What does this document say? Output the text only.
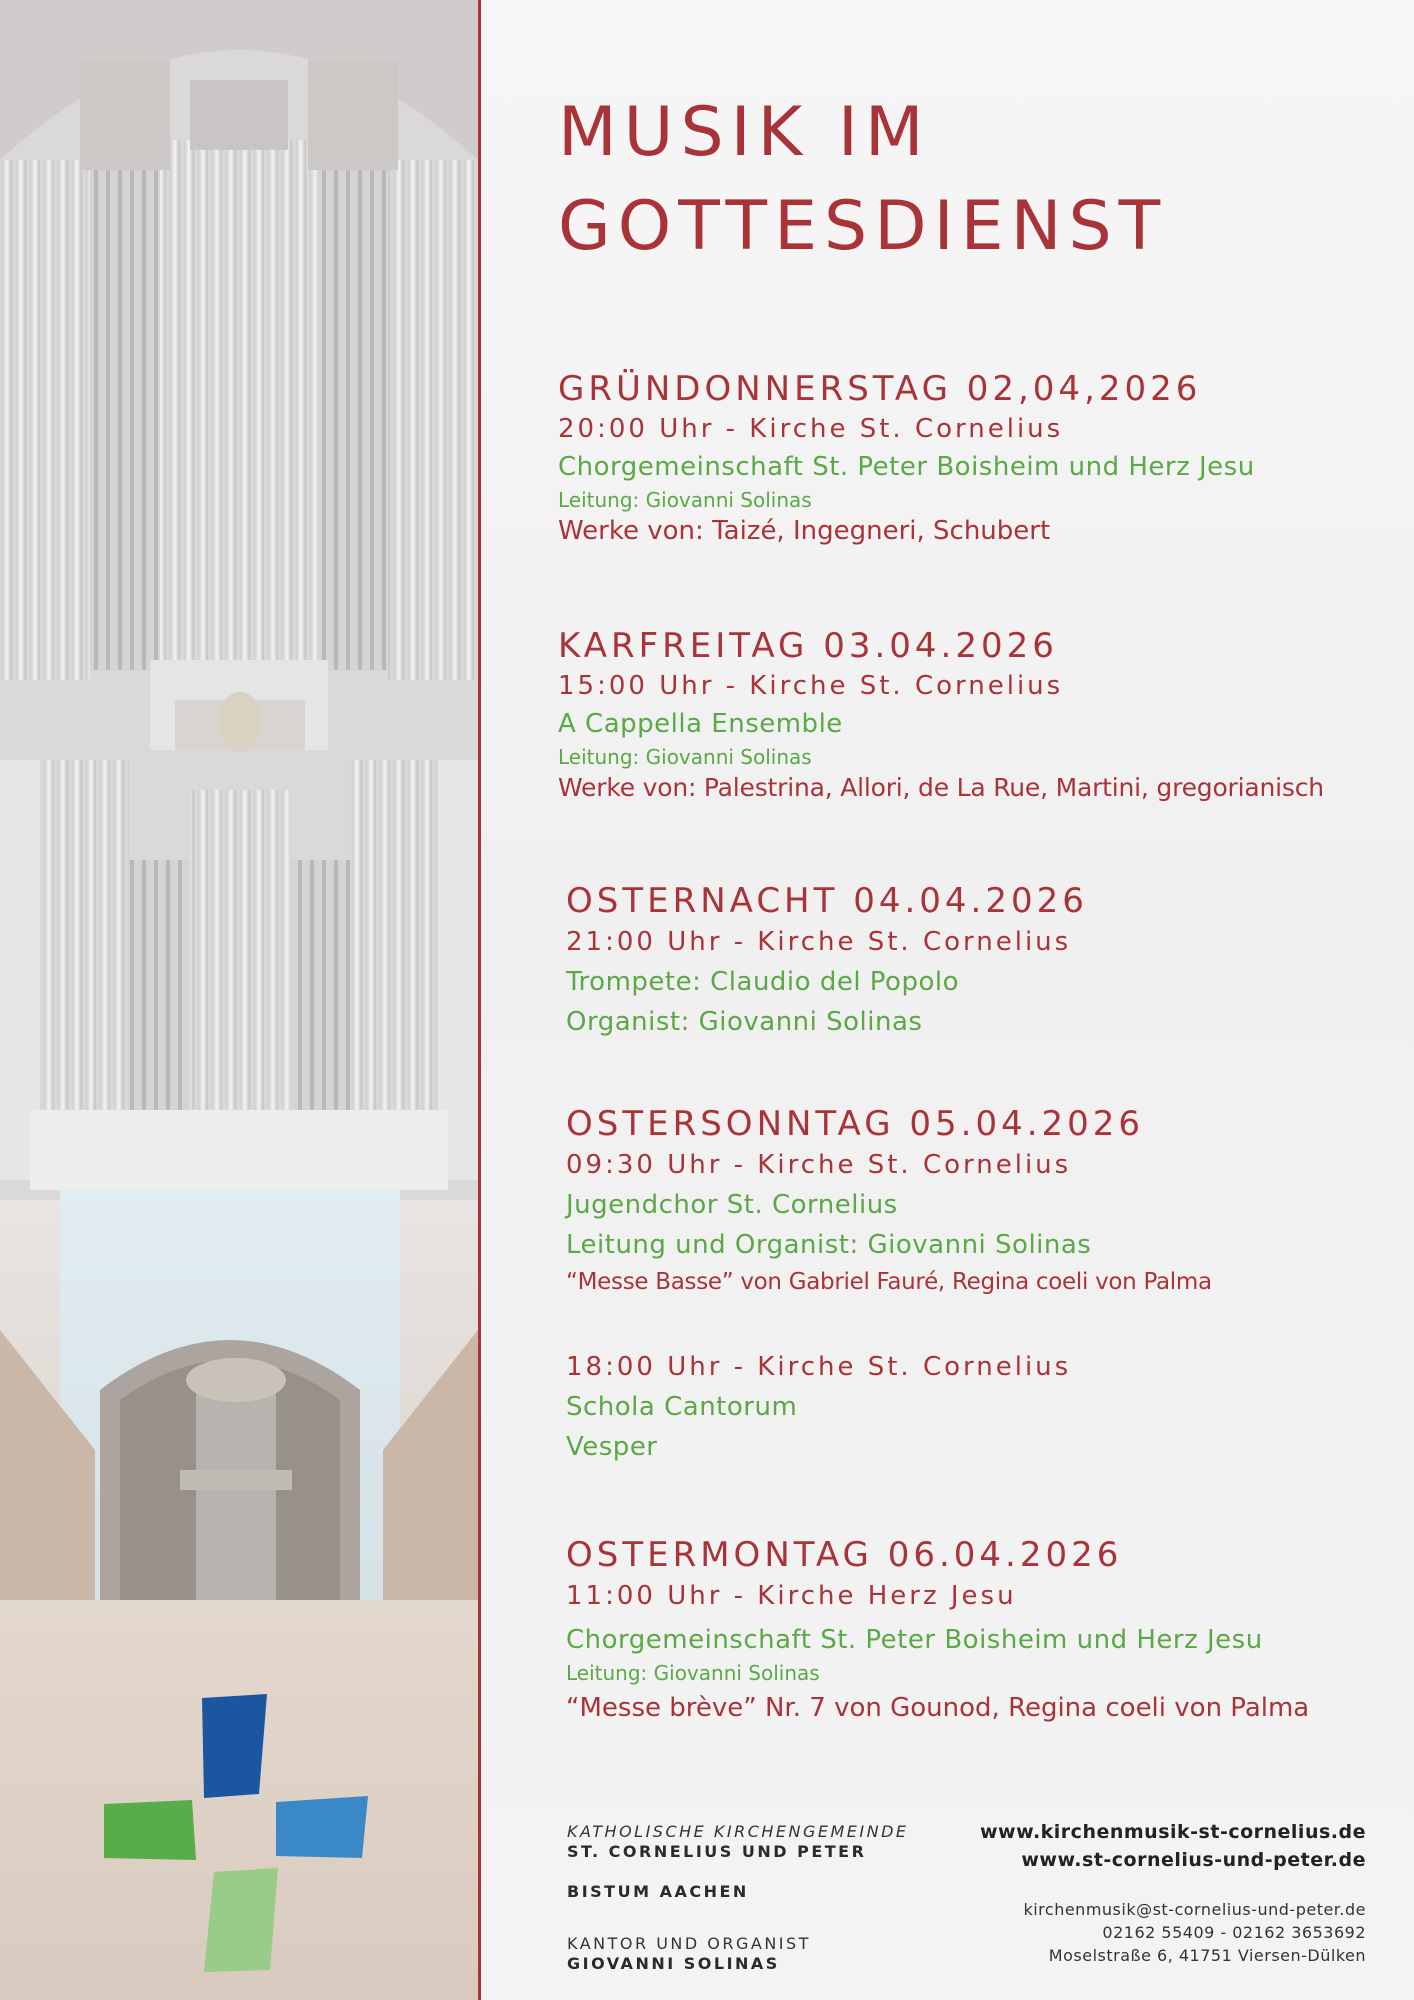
MUSIK IM
GOTTESDIENST
GRÜNDONNERSTAG 02,04,2026
20:00 Uhr - Kirche St. Cornelius
Chorgemeinschaft St. Peter Boisheim und Herz Jesu
Leitung: Giovanni Solinas
Werke von: Taizé, Ingegneri, Schubert
KARFREITAG 03.04.2026
15:00 Uhr - Kirche St. Cornelius
A Cappella Ensemble
Leitung: Giovanni Solinas
Werke von: Palestrina, Allori, de La Rue, Martini, gregorianisch
OSTERNACHT 04.04.2026
21:00 Uhr - Kirche St. Cornelius
Trompete: Claudio del Popolo
Organist: Giovanni Solinas
OSTERSONNTAG 05.04.2026
09:30 Uhr - Kirche St. Cornelius
Jugendchor St. Cornelius
Leitung und Organist: Giovanni Solinas
“Messe Basse” von Gabriel Fauré, Regina coeli von Palma
18:00 Uhr - Kirche St. Cornelius
Schola Cantorum
Vesper
OSTERMONTAG 06.04.2026
11:00 Uhr - Kirche Herz Jesu
Chorgemeinschaft St. Peter Boisheim und Herz Jesu
Leitung: Giovanni Solinas
“Messe brève” Nr. 7 von Gounod, Regina coeli von Palma
KATHOLISCHE KIRCHENGEMEINDE
ST. CORNELIUS UND PETER
BISTUM AACHEN
KANTOR UND ORGANIST
GIOVANNI SOLINAS
www.kirchenmusik-st-cornelius.de
www.st-cornelius-und-peter.de
kirchenmusik@st-cornelius-und-peter.de
02162 55409 - 02162 3653692
Moselstraße 6, 41751 Viersen-Dülken
